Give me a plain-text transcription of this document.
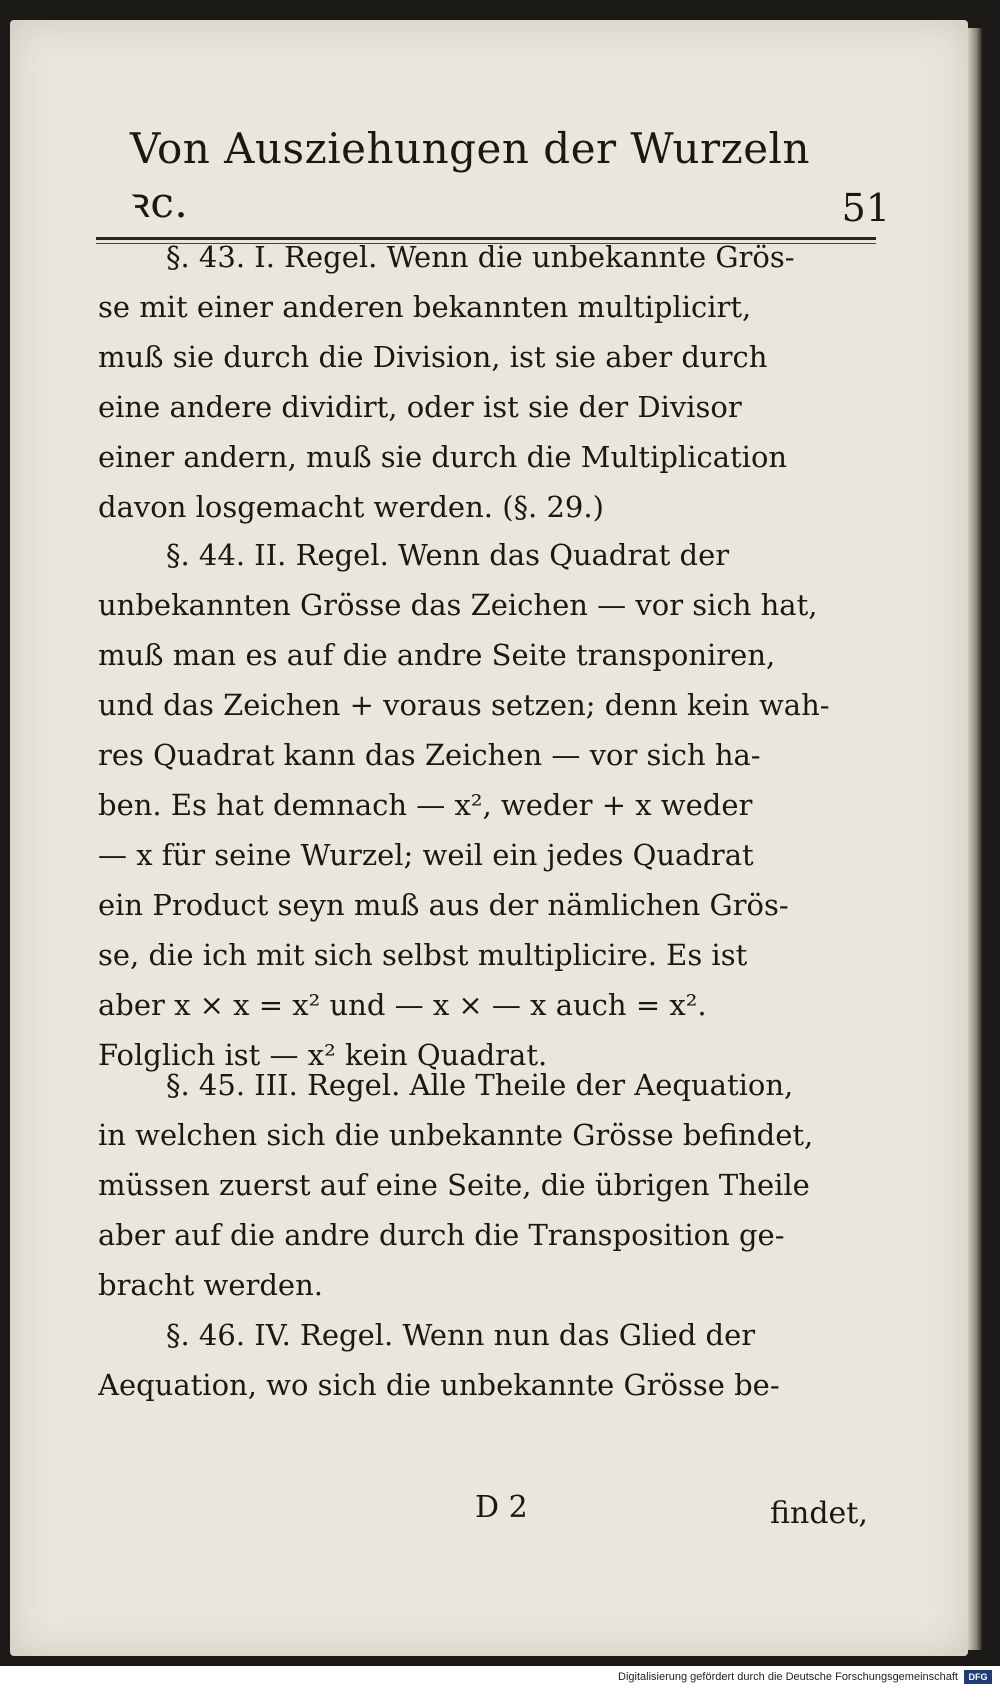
Von Ausziehungen der Wurzeln ꝛc.	51
§. 43. I. Regel. Wenn die unbekannte Grös-
se mit einer anderen bekannten multiplicirt,
muß sie durch die Division, ist sie aber durch
eine andere dividirt, oder ist sie der Divisor
einer andern, muß sie durch die Multiplication
davon losgemacht werden. (§. 29.)
§. 44. II. Regel. Wenn das Quadrat der
unbekannten Grösse das Zeichen — vor sich hat,
muß man es auf die andre Seite transponiren,
und das Zeichen + voraus setzen; denn kein wah-
res Quadrat kann das Zeichen — vor sich ha-
ben. Es hat demnach — x², weder + x weder
— x für seine Wurzel; weil ein jedes Quadrat
ein Product seyn muß aus der nämlichen Grös-
se, die ich mit sich selbst multiplicire. Es ist
aber x × x = x² und — x × — x auch = x².
Folglich ist — x² kein Quadrat.
§. 45. III. Regel. Alle Theile der Aequation,
in welchen sich die unbekannte Grösse befindet,
müssen zuerst auf eine Seite, die übrigen Theile
aber auf die andre durch die Transposition ge-
bracht werden.
§. 46. IV. Regel. Wenn nun das Glied der
Aequation, wo sich die unbekannte Grösse be-
D 2	findet,
Digitalisierung gefördert durch die Deutsche Forschungsgemeinschaft	DFG
